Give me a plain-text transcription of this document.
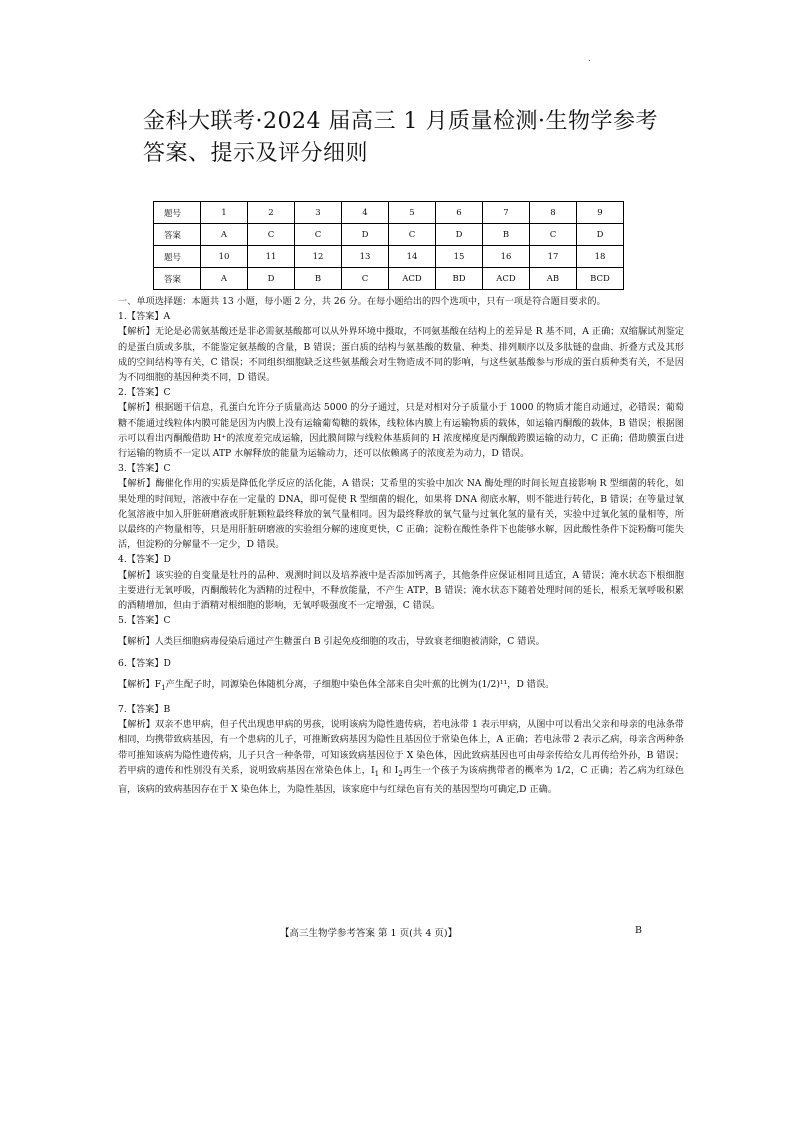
.
金科大联考·2024 届高三 1 月质量检测·生物学参考
答案、提示及评分细则
题号	1	2	3	4	5	6	7	8	9
答案	A	C	C	D	C	D	B	C	D
题号	10	11	12	13	14	15	16	17	18
答案	A	D	B	C	ACD	BD	ACD	AB	BCD

一、单项选择题：本题共 13 小题，每小题 2 分，共 26 分。在每小题给出的四个选项中，只有一项是符合题目要求的。

1.【答案】A

【解析】无论是必需氨基酸还是非必需氨基酸都可以从外界环境中摄取，不同氨基酸在结构上的差异是 R 基不同，A 正确；双缩脲试剂鉴定的是蛋白质或多肽，不能鉴定氨基酸的含量，B 错误；蛋白质的结构与氨基酸的数量、种类、排列顺序以及多肽链的盘曲、折叠方式及其形成的空间结构等有关，C 错误；不同组织细胞缺乏这些氨基酸会对生物造成不同的影响，与这些氨基酸参与形成的蛋白质种类有关，不是因为不同细胞的基因种类不同，D 错误。

2.【答案】C

【解析】根据题干信息，孔蛋白允许分子质量高达 5000 的分子通过，只是对相对分子质量小于 1000 的物质才能自动通过，必错误；葡萄糖不能通过线粒体内膜可能是因为内膜上没有运输葡萄糖的载体，线粒体内膜上有运输物质的载体，如运输丙酮酸的载体，B 错误；根据图示可以看出丙酮酸借助 H⁺的浓度差完成运输，因此膜间隙与线粒体基质间的 H 浓度梯度是丙酮酸跨膜运输的动力，C 正确；借助膜蛋白进行运输的物质不一定以 ATP 水解释放的能量为运输动力，还可以依赖离子的浓度差为动力，D 错误。

3.【答案】C

【解析】酶催化作用的实质是降低化学反应的活化能，A 错误；艾希里的实验中加次 NA 酶处理的时间长短直接影响 R 型细菌的转化，如果处理的时间短，溶液中存在一定量的 DNA，即可促使 R 型细菌的辊化，如果将 DNA 彻底水解，则不能进行转化，B 错误；在等量过氧化氢溶液中加入肝脏研磨液或肝脏颗粒最终释放的氧气量相同。因为最终释放的氧气量与过氧化氢的量有关，实验中过氧化氢的量相等，所以最终的产物量相等，只是用肝脏研磨液的实验组分解的速度更快，C 正确；淀粉在酸性条件下也能够水解，因此酸性条件下淀粉酶可能失活，但淀粉的分解量不一定少，D 错误。

4.【答案】D

【解析】该实验的自变量是牡丹的品种、观测时间以及培养液中是否添加钙离子，其他条件应保证相同且适宜，A 错误；淹水状态下根细胞主要进行无氧呼吸，丙酮酸转化为酒精的过程中，不释放能量，不产生 ATP，B 错误；淹水状态下随着处理时间的延长，根系无氧呼吸积累的酒精增加，但由于酒精对根细胞的影响，无氧呼吸强度不一定增强，C 错误。

5.【答案】C

【解析】人类巨细胞病毒侵染后通过产生糖蛋白 B 引起免疫细胞的攻击，导致衰老细胞被清除，C 错误。

6.【答案】D

【解析】$F_1$产生配子时，同源染色体随机分离，子细胞中染色体全部来自尖叶蕉的比例为(1/2)¹¹，D 错误。

7.【答案】B

【解析】双亲不患甲病，但子代出现患甲病的男孩，说明该病为隐性遗传病，若电泳带 1 表示甲病，从图中可以看出父亲和母亲的电泳条带相同，均携带致病基因，有一个患病的儿子，可推断致病基因为隐性且基因位于常染色体上，A 正确；若电泳带 2 表示乙病，母亲含两种条带可推知该病为隐性遗传病，儿子只含一种条带，可知该致病基因位于 X 染色体，因此致病基因也可由母亲传给女儿再传给外孙，B 错误；若甲病的遗传和性别没有关系，说明致病基因在常染色体上，$I_1$ 和 $I_2$再生一个孩子为该病携带者的概率为 1/2，C 正确；若乙病为红绿色盲，该病的致病基因存在于 X 染色体上，为隐性基因，该家庭中与红绿色盲有关的基因型均可确定,D 正确。

【高三生物学参考答案 第 1 页(共 4 页)】	B
